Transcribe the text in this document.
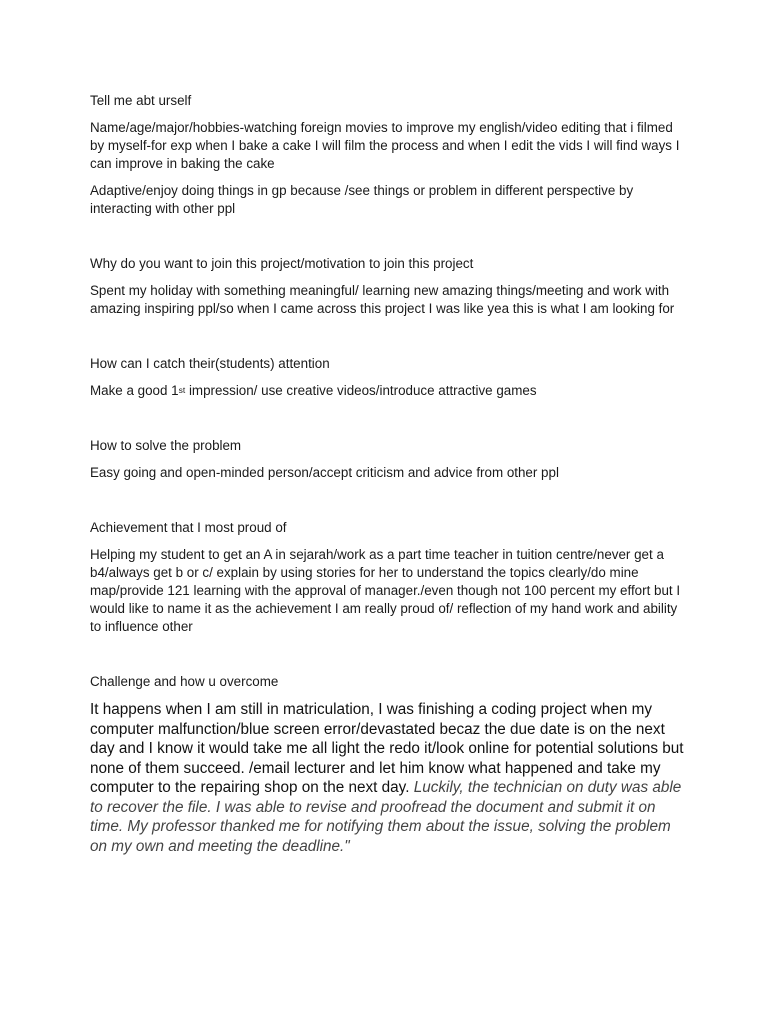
Tell me abt urself

Name/age/major/hobbies-watching foreign movies to improve my english/video editing that i filmed by myself-for exp when I bake a cake I will film the process and when I edit the vids I will find ways I can improve in baking the cake

Adaptive/enjoy doing things in gp because /see things or problem in different perspective by interacting with other ppl

Why do you want to join this project/motivation to join this project

Spent my holiday with something meaningful/ learning new amazing things/meeting and work with amazing inspiring ppl/so when I came across this project I was like yea this is what I am looking for

How can I catch their(students) attention

Make a good 1st impression/ use creative videos/introduce attractive games

How to solve the problem

Easy going and open-minded person/accept criticism and advice from other ppl

Achievement that I most proud of

Helping my student to get an A in sejarah/work as a part time teacher in tuition centre/never get a b4/always get b or c/ explain by using stories for her to understand the topics clearly/do mine map/provide 121 learning with the approval of manager./even though not 100 percent my effort but I would like to name it as the achievement I am really proud of/ reflection of my hand work and ability to influence other

Challenge and how u overcome

It happens when I am still in matriculation, I was finishing a coding project when my computer malfunction/blue screen error/devastated becaz the due date is on the next day and I know it would take me all light the redo it/look online for potential solutions but none of them succeed. /email lecturer and let him know what happened and take my computer to the repairing shop on the next day. Luckily, the technician on duty was able to recover the file. I was able to revise and proofread the document and submit it on time. My professor thanked me for notifying them about the issue, solving the problem on my own and meeting the deadline."
